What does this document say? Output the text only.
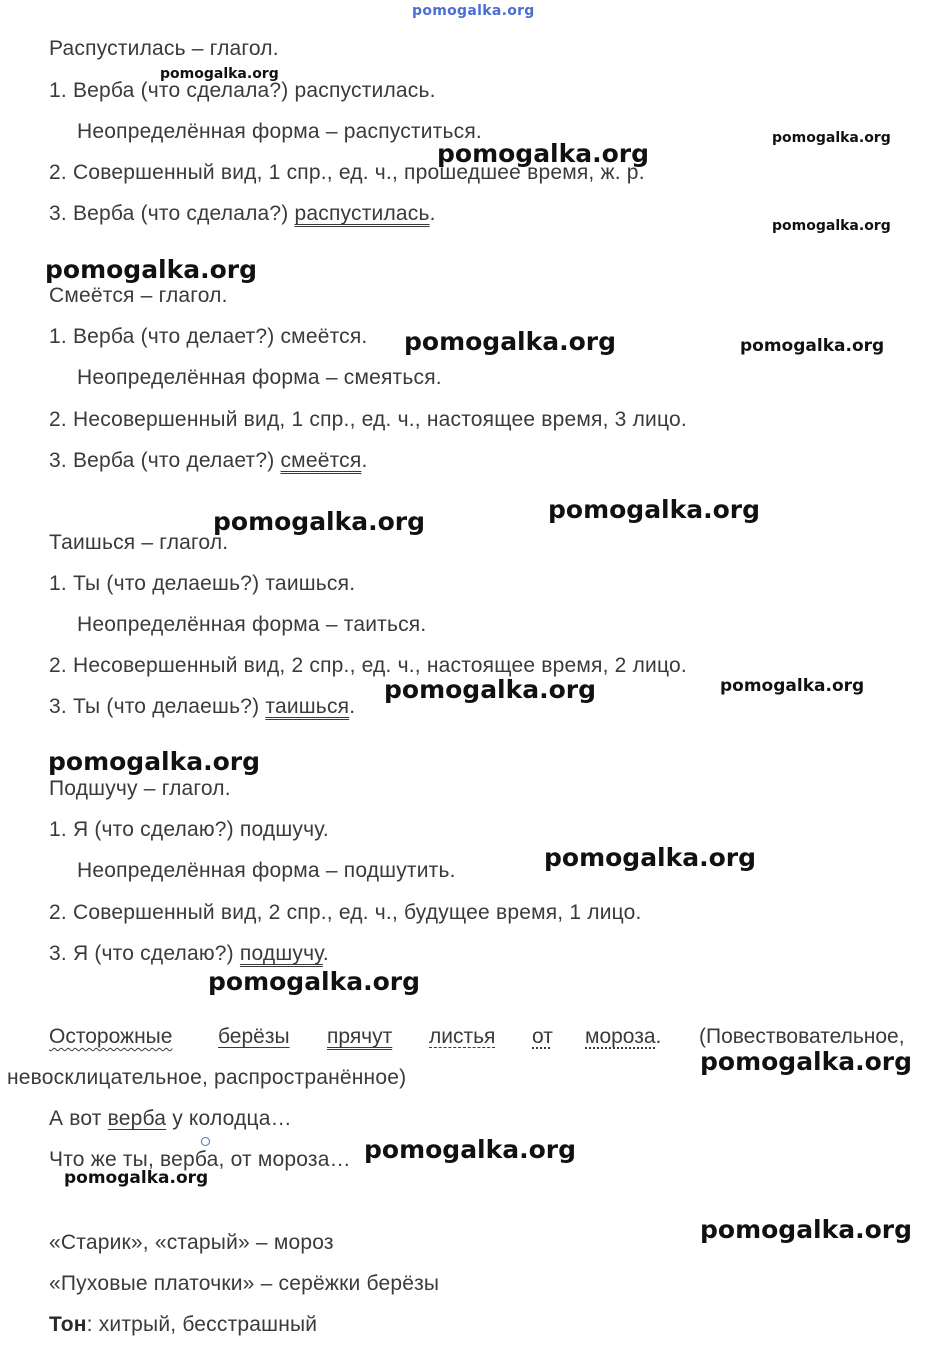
pomogalka.org
Распустилась – глагол.
1. Верба (что сделала?) распустилась.
Неопределённая форма – распуститься.
2. Совершенный вид, 1 спр., ед. ч., прошедшее время, ж. р.
3. Верба (что сделала?) распустилась.
Смеётся – глагол.
1. Верба (что делает?) смеётся.
Неопределённая форма – смеяться.
2. Несовершенный вид, 1 спр., ед. ч., настоящее время, 3 лицо.
3. Верба (что делает?) смеётся.
Таишься – глагол.
1. Ты (что делаешь?) таишься.
Неопределённая форма – таиться.
2. Несовершенный вид, 2 спр., ед. ч., настоящее время, 2 лицо.
3. Ты (что делаешь?) таишься.
Подшучу – глагол.
1. Я (что сделаю?) подшучу.
Неопределённая форма – подшутить.
2. Совершенный вид, 2 спр., ед. ч., будущее время, 1 лицо.
3. Я (что сделаю?) подшучу.
Осторожные берёзы прячут листья от мороза. (Повествовательное,
невосклицательное, распространённое)
А вот верба у колодца…
Что же ты, верба, от мороза…
«Старик», «старый» – мороз
«Пуховые платочки» – серёжки берёзы
Тон: хитрый, бесстрашный
pomogalka.org
pomogalka.org
pomogalka.org
pomogalka.org
pomogalka.org
pomogalka.org	pomogalka.org
pomogalka.org
pomogalka.org
pomogalka.org	pomogalka.org
pomogalka.org
pomogalka.org
pomogalka.org
pomogalka.org
pomogalka.org
pomogalka.org
pomogalka.org
